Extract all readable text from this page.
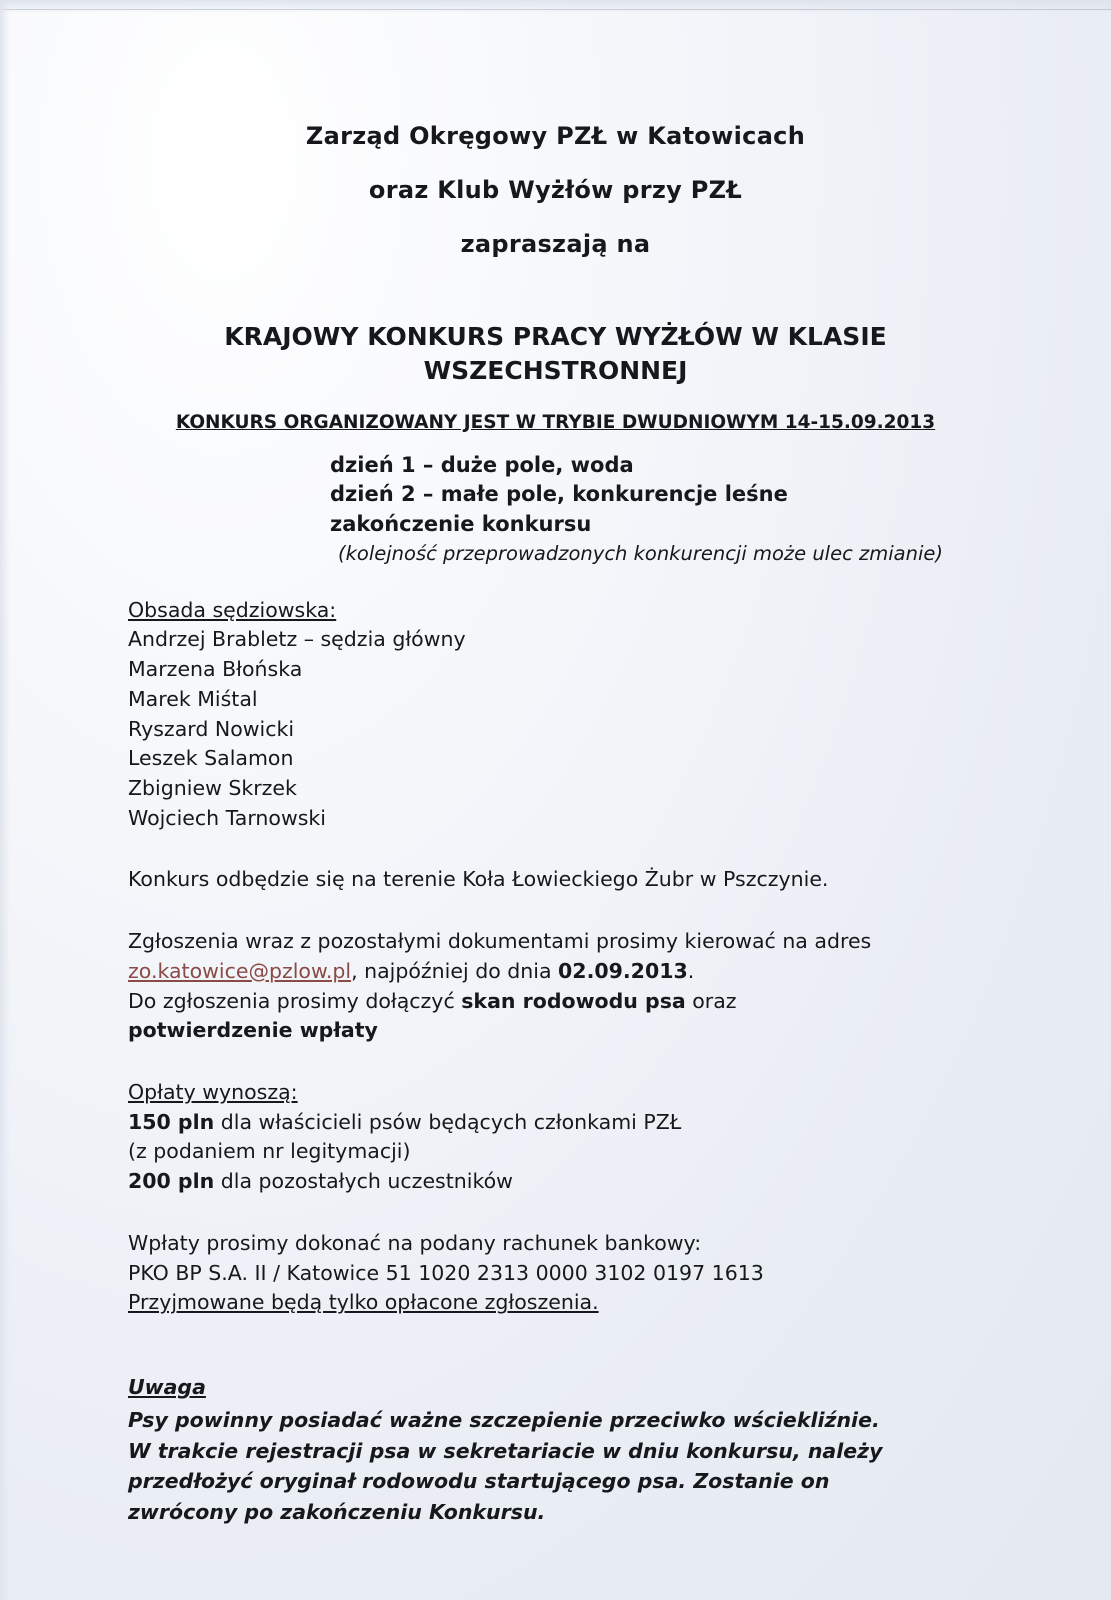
Zarząd Okręgowy PZŁ w Katowicach
oraz Klub Wyżłów przy PZŁ
zapraszają na
KRAJOWY KONKURS PRACY WYŻŁÓW W KLASIE WSZECHSTRONNEJ
KONKURS ORGANIZOWANY JEST W TRYBIE DWUDNIOWYM 14-15.09.2013
dzień 1 – duże pole, woda
dzień 2 – małe pole, konkurencje leśne
zakończenie konkursu
(kolejność przeprowadzonych konkurencji może ulec zmianie)
Obsada sędziowska:
Andrzej Brabletz – sędzia główny
Marzena Błońska
Marek Miśtal
Ryszard Nowicki
Leszek Salamon
Zbigniew Skrzek
Wojciech Tarnowski
Konkurs odbędzie się na terenie Koła Łowieckiego Żubr w Pszczynie.
Zgłoszenia wraz z pozostałymi dokumentami prosimy kierować na adres
zo.katowice@pzlow.pl, najpóźniej do dnia 02.09.2013.
Do zgłoszenia prosimy dołączyć skan rodowodu psa oraz
potwierdzenie wpłaty
Opłaty wynoszą:
150 pln dla właścicieli psów będących członkami PZŁ
(z podaniem nr legitymacji)
200 pln dla pozostałych uczestników
Wpłaty prosimy dokonać na podany rachunek bankowy:
PKO BP S.A. II / Katowice 51 1020 2313 0000 3102 0197 1613
Przyjmowane będą tylko opłacone zgłoszenia.
Uwaga
Psy powinny posiadać ważne szczepienie przeciwko wściekliźnie.
W trakcie rejestracji psa w sekretariacie w dniu konkursu, należy
przedłożyć oryginał rodowodu startującego psa. Zostanie on
zwrócony po zakończeniu Konkursu.
